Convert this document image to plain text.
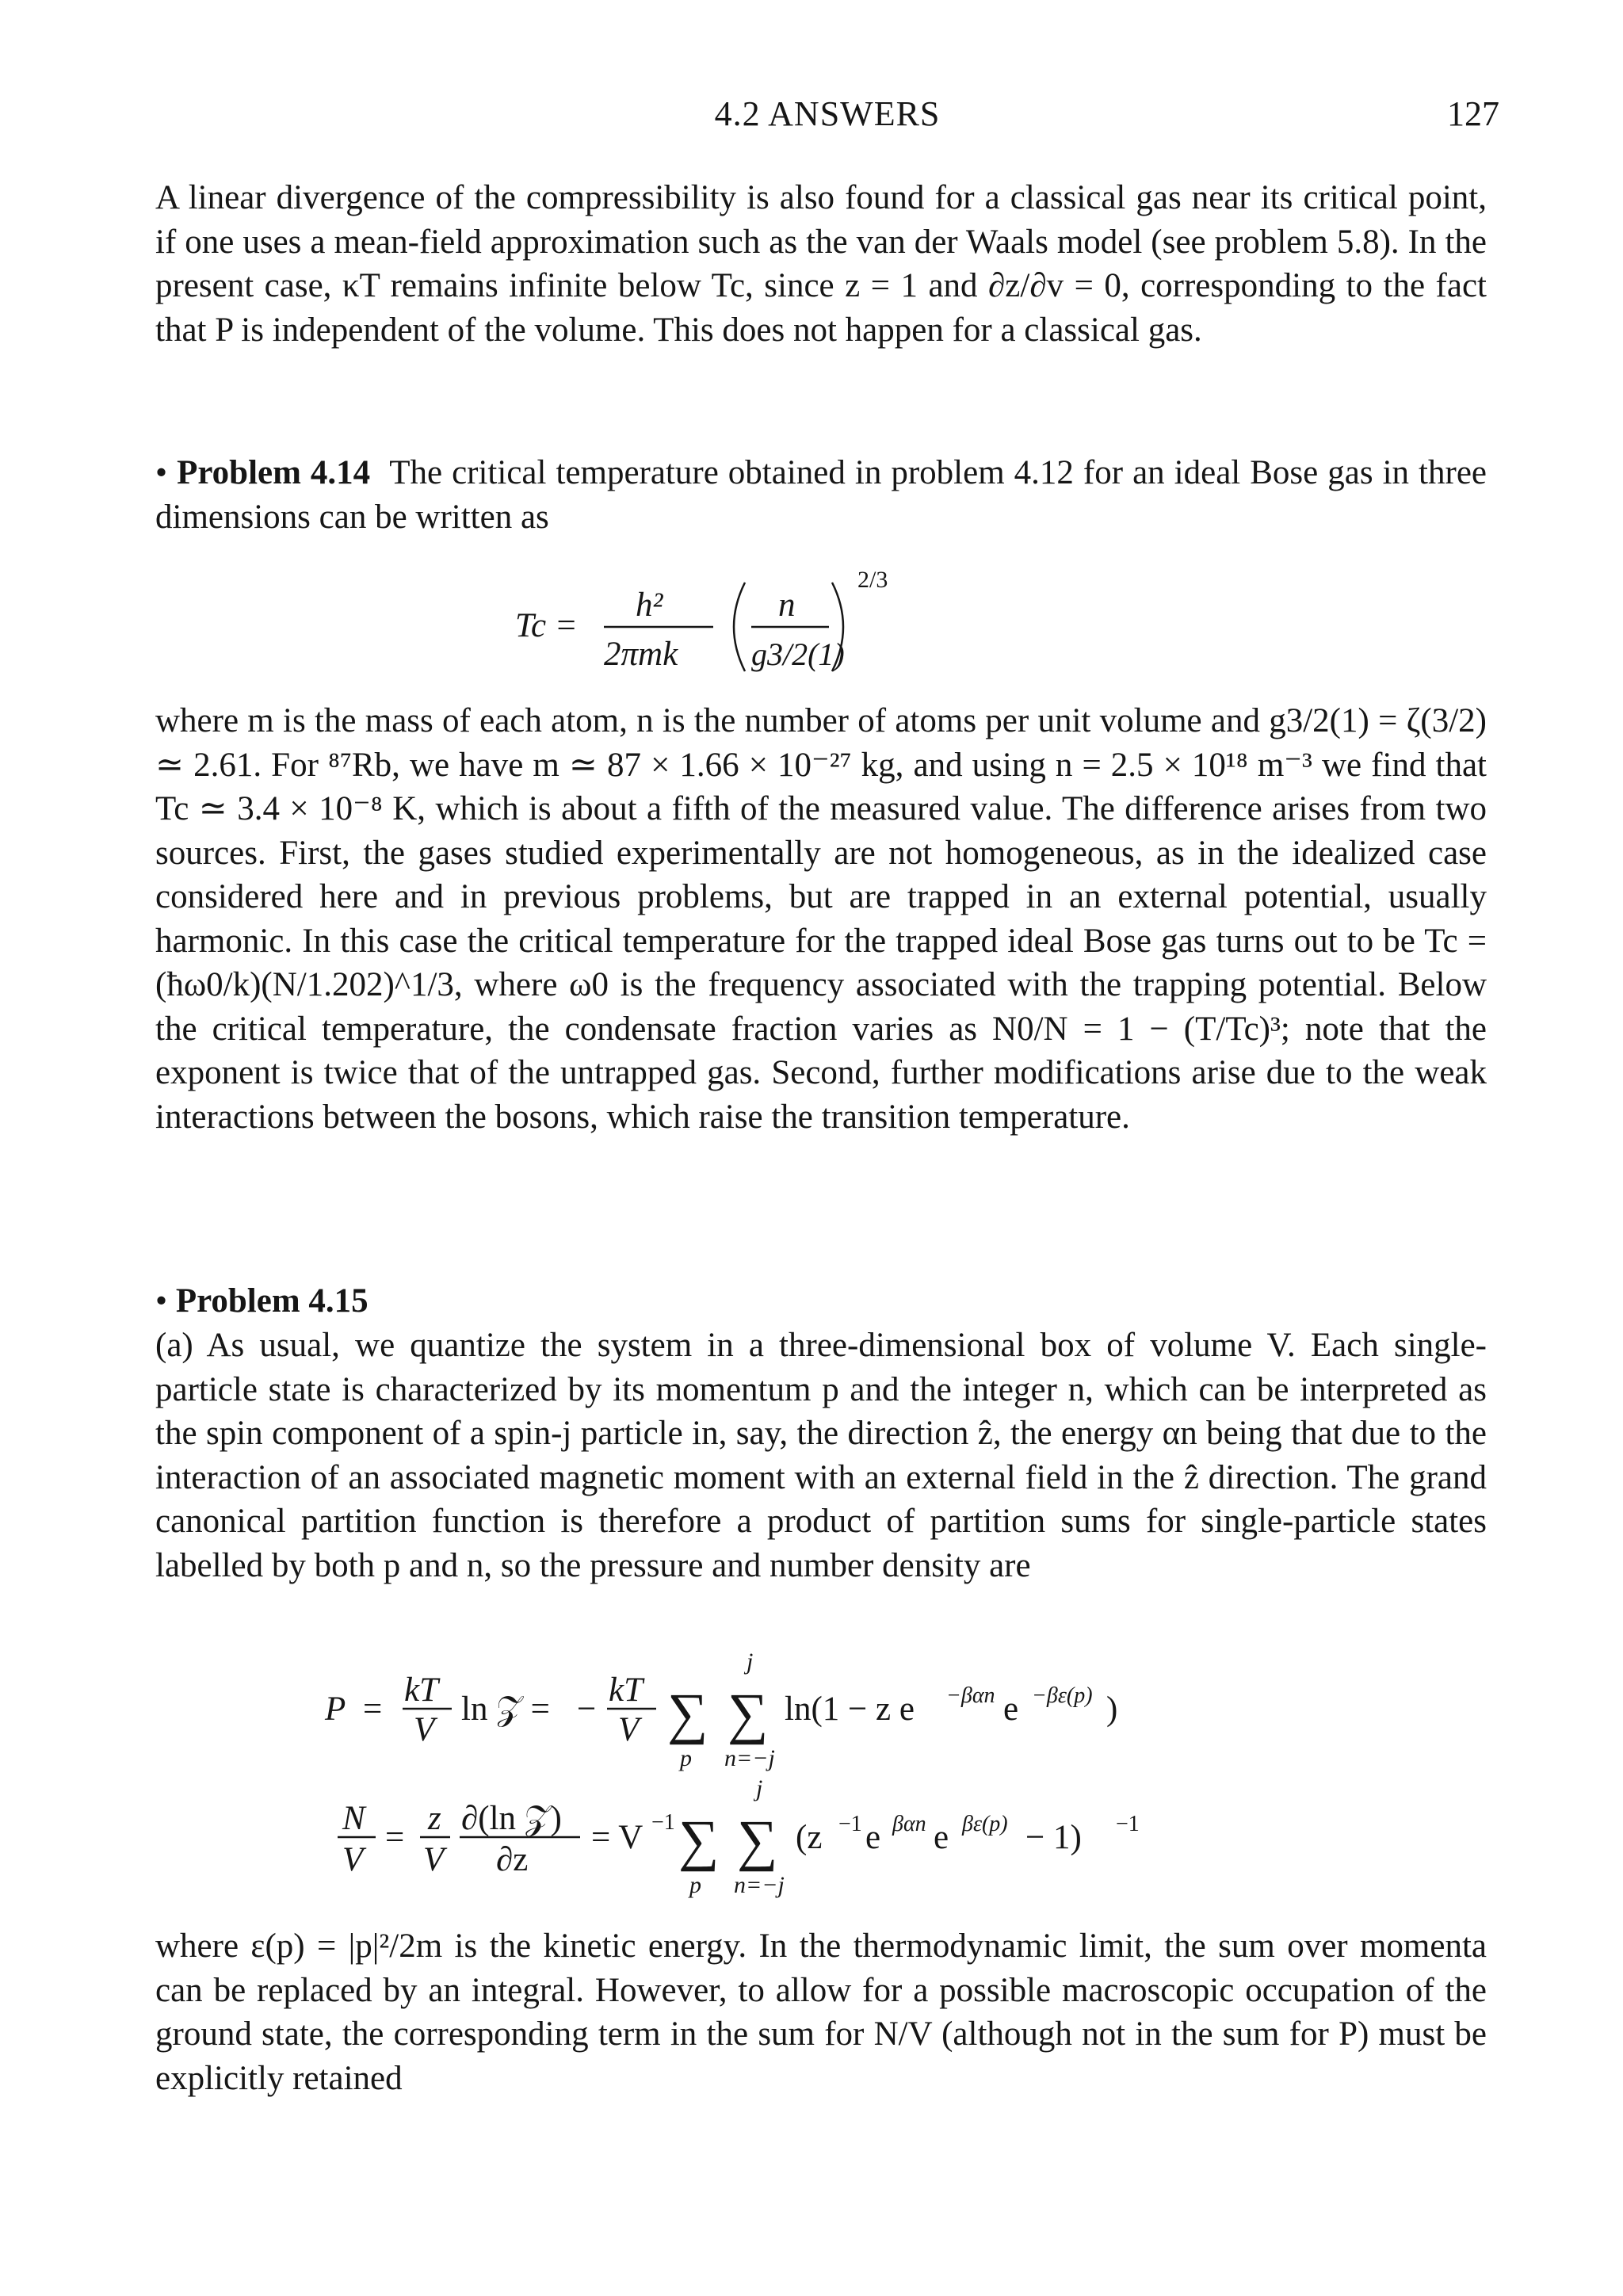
4.2 ANSWERS	127

A linear divergence of the compressibility is also found for a classical gas near its critical point, if one uses a mean-field approximation such as the van der Waals model (see problem 5.8). In the present case, κT remains infinite below Tc, since z = 1 and ∂z/∂v = 0, corresponding to the fact that P is independent of the volume. This does not happen for a classical gas.

• Problem 4.14 The critical temperature obtained in problem 4.12 for an ideal Bose gas in three dimensions can be written as

Tc =
h²
2πmk
n
g3/2(1)
2/3

where m is the mass of each atom, n is the number of atoms per unit volume and g3/2(1) = ζ(3/2) ≃ 2.61. For ⁸⁷Rb, we have m ≃ 87 × 1.66 × 10⁻²⁷ kg, and using n = 2.5 × 10¹⁸ m⁻³ we find that Tc ≃ 3.4 × 10⁻⁸ K, which is about a fifth of the measured value. The difference arises from two sources. First, the gases studied experimentally are not homogeneous, as in the idealized case considered here and in previous problems, but are trapped in an external potential, usually harmonic. In this case the critical temperature for the trapped ideal Bose gas turns out to be Tc = (ħω0/k)(N/1.202)^1/3, where ω0 is the frequency associated with the trapping potential. Below the critical temperature, the condensate fraction varies as N0/N = 1 − (T/Tc)³; note that the exponent is twice that of the untrapped gas. Second, further modifications arise due to the weak interactions between the bosons, which raise the transition temperature.

• Problem 4.15

(a) As usual, we quantize the system in a three-dimensional box of volume V. Each single-particle state is characterized by its momentum p and the integer n, which can be interpreted as the spin component of a spin-j particle in, say, the direction ẑ, the energy αn being that due to the interaction of an associated magnetic moment with an external field in the ẑ direction. The grand canonical partition function is therefore a product of partition sums for single-particle states labelled by both p and n, so the pressure and number density are

P =
kT
V
ln 𝒵 = −
kT
V ∑
p
∑
j
n=−j
ln(1 − z e −βαn e −βε(p) )
N
V
=
z
V
∂(ln 𝒵)
∂z
= V −1 ∑
p
∑
j
n=−j
(z −1 e βαn e βε(p) − 1) −1

where ε(p) = |p|²/2m is the kinetic energy. In the thermodynamic limit, the sum over momenta can be replaced by an integral. However, to allow for a possible macroscopic occupation of the ground state, the corresponding term in the sum for N/V (although not in the sum for P) must be explicitly retained
